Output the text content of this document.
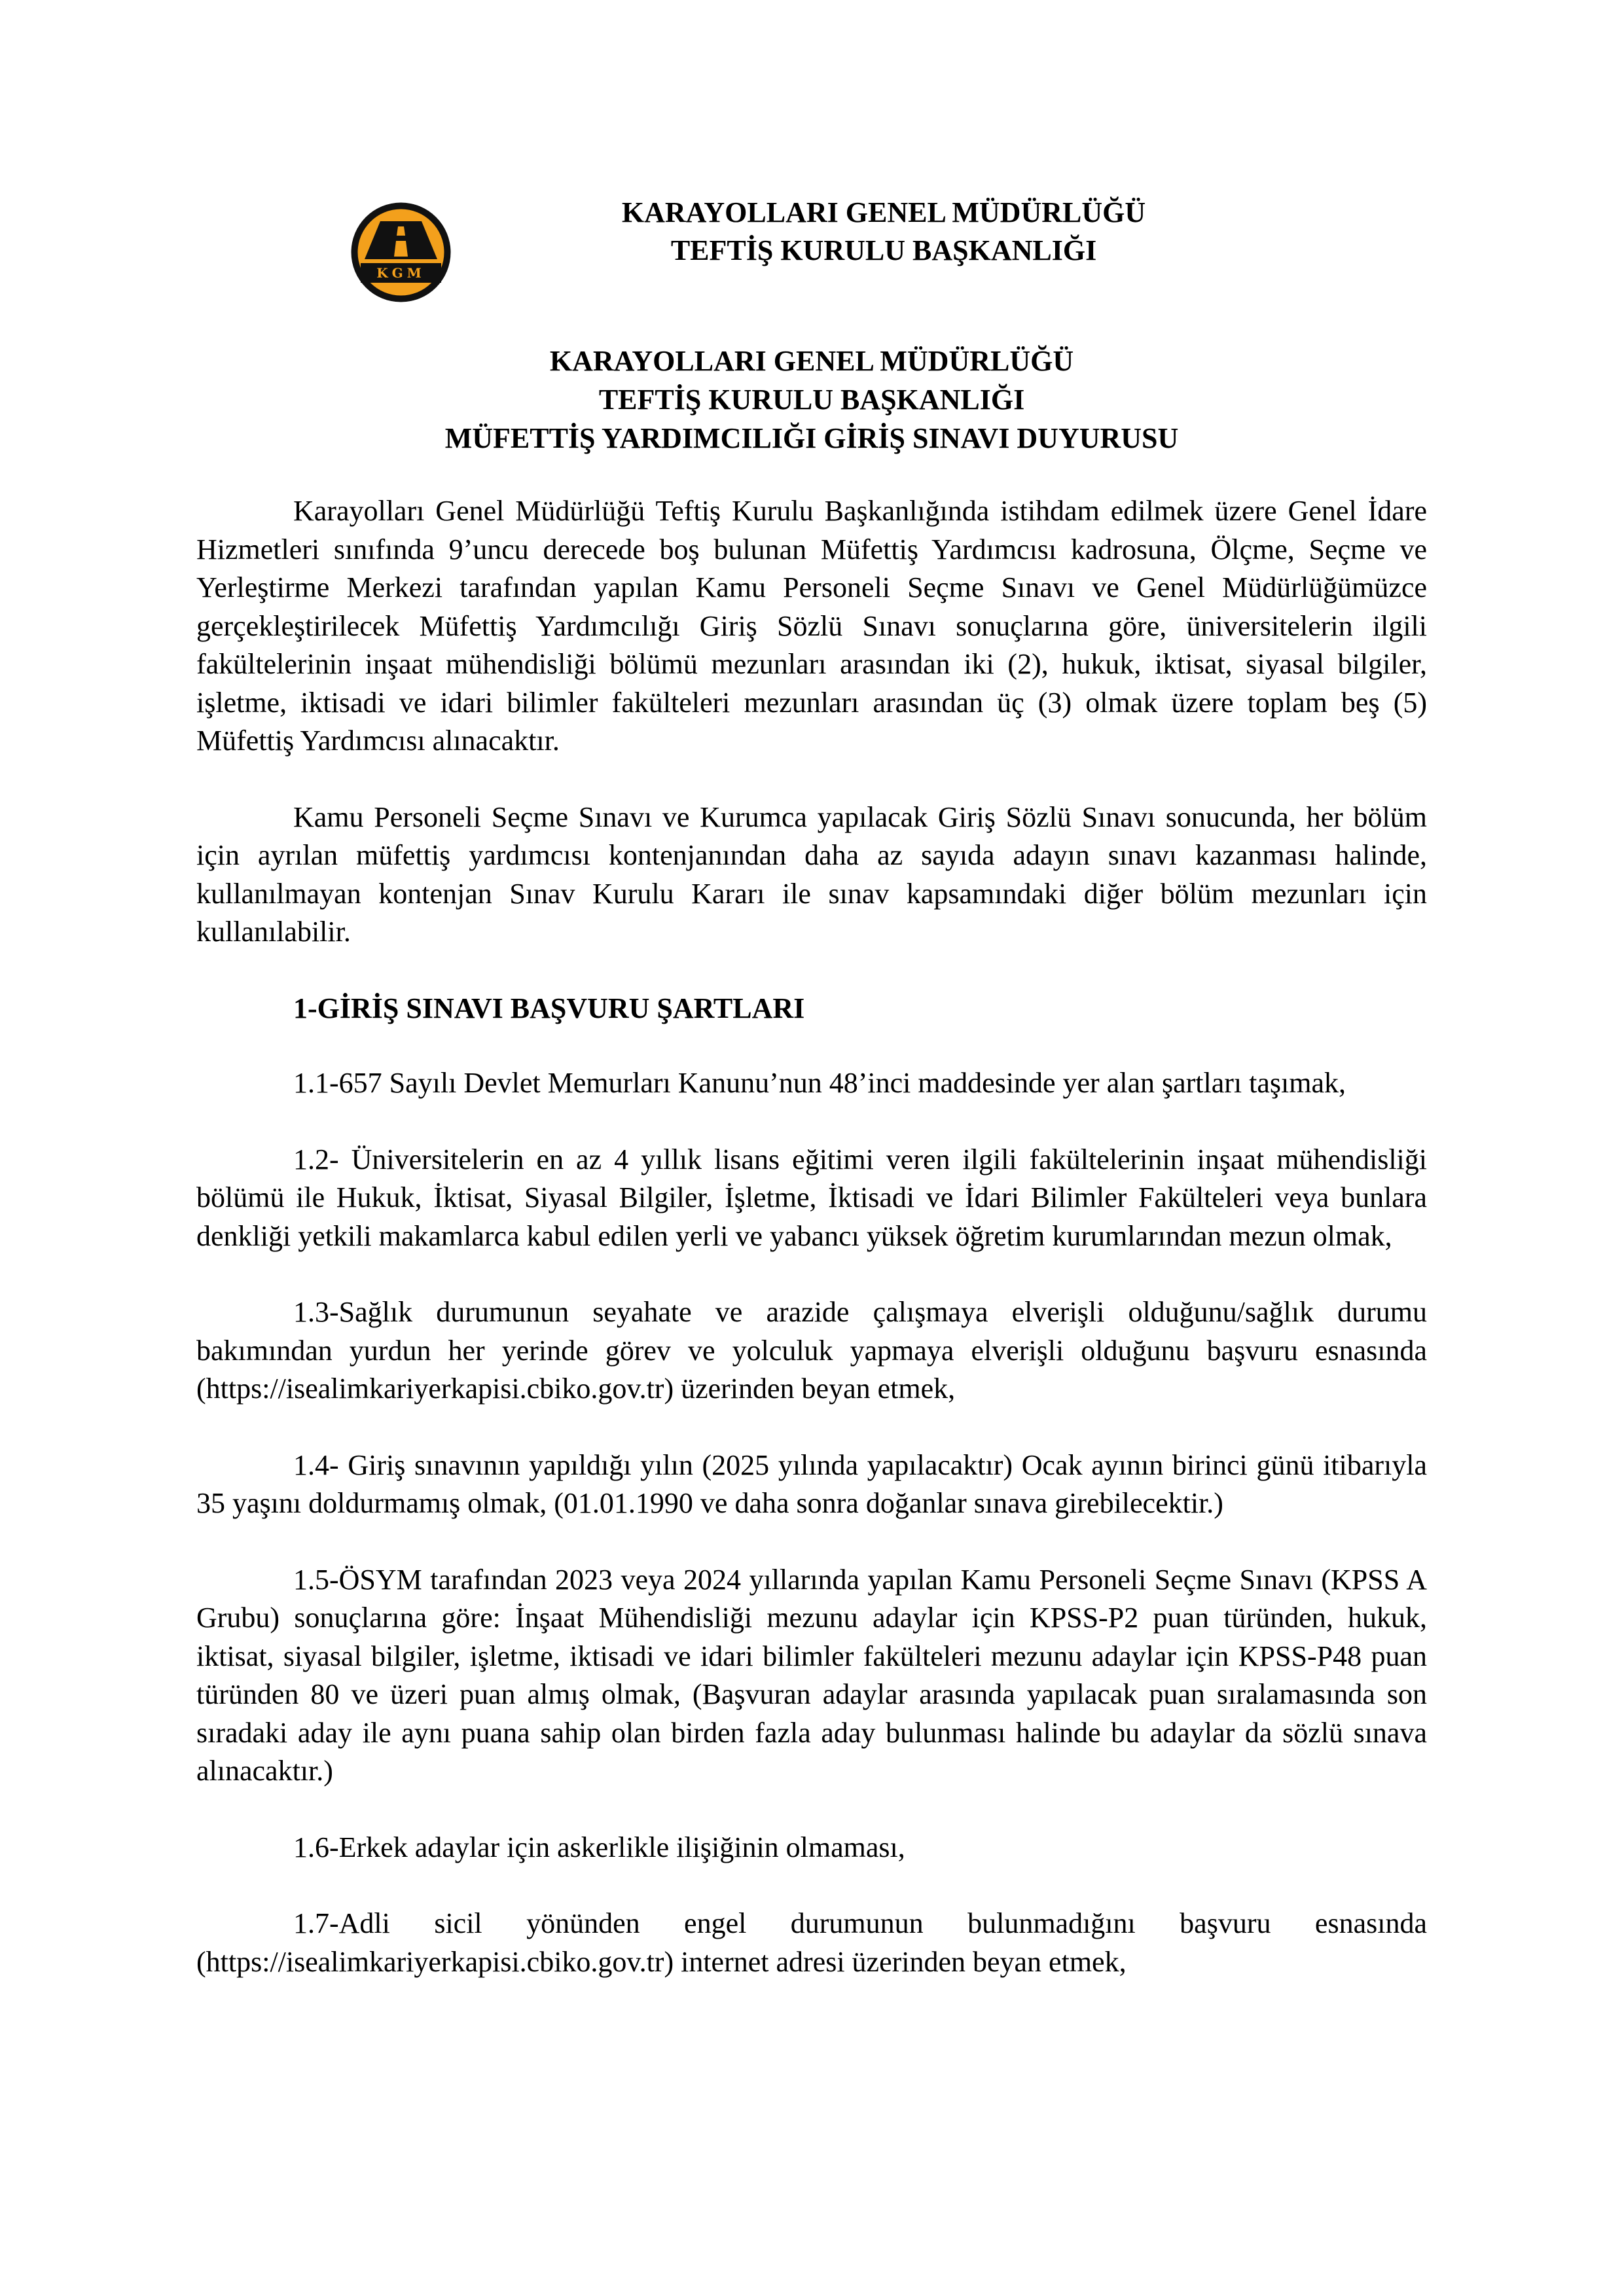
KGM
KARAYOLLARI GENEL MÜDÜRLÜĞÜ
TEFTİŞ KURULU BAŞKANLIĞI
KARAYOLLARI GENEL MÜDÜRLÜĞÜ
TEFTİŞ KURULU BAŞKANLIĞI
MÜFETTİŞ YARDIMCILIĞI GİRİŞ SINAVI DUYURUSU

Karayolları Genel Müdürlüğü Teftiş Kurulu Başkanlığında istihdam edilmek üzere Genel İdare Hizmetleri sınıfında 9’uncu derecede boş bulunan Müfettiş Yardımcısı kadrosuna, Ölçme, Seçme ve Yerleştirme Merkezi tarafından yapılan Kamu Personeli Seçme Sınavı ve Genel Müdürlüğümüzce gerçekleştirilecek Müfettiş Yardımcılığı Giriş Sözlü Sınavı sonuçlarına göre, üniversitelerin ilgili fakültelerinin inşaat mühendisliği bölümü mezunları arasından iki (2), hukuk, iktisat, siyasal bilgiler, işletme, iktisadi ve idari bilimler fakülteleri mezunları arasından üç (3) olmak üzere toplam beş (5) Müfettiş Yardımcısı alınacaktır.

Kamu Personeli Seçme Sınavı ve Kurumca yapılacak Giriş Sözlü Sınavı sonucunda, her bölüm için ayrılan müfettiş yardımcısı kontenjanından daha az sayıda adayın sınavı kazanması halinde, kullanılmayan kontenjan Sınav Kurulu Kararı ile sınav kapsamındaki diğer bölüm mezunları için kullanılabilir.

1-GİRİŞ SINAVI BAŞVURU ŞARTLARI

1.1-657 Sayılı Devlet Memurları Kanunu’nun 48’inci maddesinde yer alan şartları taşımak,

1.2- Üniversitelerin en az 4 yıllık lisans eğitimi veren ilgili fakültelerinin inşaat mühendisliği bölümü ile Hukuk, İktisat, Siyasal Bilgiler, İşletme, İktisadi ve İdari Bilimler Fakülteleri veya bunlara denkliği yetkili makamlarca kabul edilen yerli ve yabancı yüksek öğretim kurumlarından mezun olmak,

1.3-Sağlık durumunun seyahate ve arazide çalışmaya elverişli olduğunu/sağlık durumu bakımından yurdun her yerinde görev ve yolculuk yapmaya elverişli olduğunu başvuru esnasında (https://isealimkariyerkapisi.cbiko.gov.tr) üzerinden beyan etmek,

1.4- Giriş sınavının yapıldığı yılın (2025 yılında yapılacaktır) Ocak ayının birinci günü itibarıyla 35 yaşını doldurmamış olmak, (01.01.1990 ve daha sonra doğanlar sınava girebilecektir.)

1.5-ÖSYM tarafından 2023 veya 2024 yıllarında yapılan Kamu Personeli Seçme Sınavı (KPSS A Grubu) sonuçlarına göre: İnşaat Mühendisliği mezunu adaylar için KPSS-P2 puan türünden, hukuk, iktisat, siyasal bilgiler, işletme, iktisadi ve idari bilimler fakülteleri mezunu adaylar için KPSS-P48 puan türünden 80 ve üzeri puan almış olmak, (Başvuran adaylar arasında yapılacak puan sıralamasında son sıradaki aday ile aynı puana sahip olan birden fazla aday bulunması halinde bu adaylar da sözlü sınava alınacaktır.)

1.6-Erkek adaylar için askerlikle ilişiğinin olmaması,

1.7-Adli sicil yönünden engel durumunun bulunmadığını başvuru esnasında (https://isealimkariyerkapisi.cbiko.gov.tr) internet adresi üzerinden beyan etmek,
